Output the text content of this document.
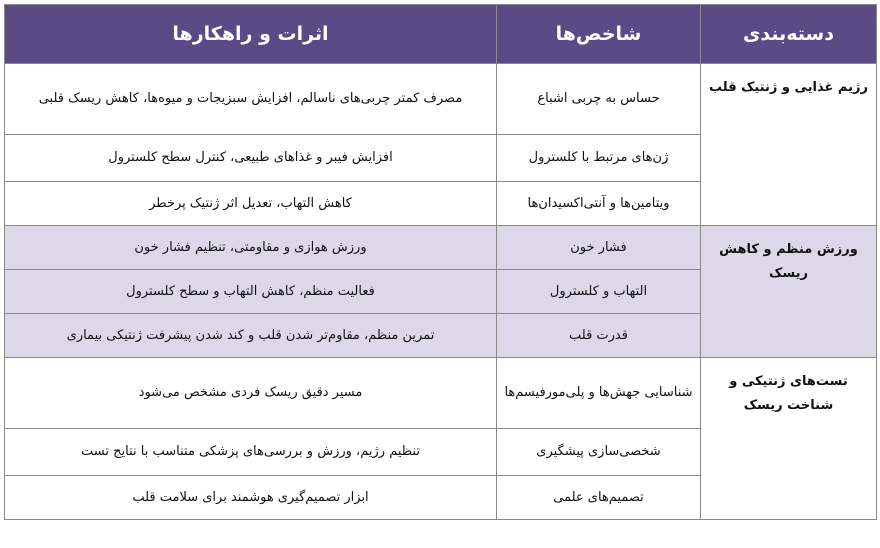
دسته‌بندی	شاخص‌ها	اثرات و راهکارها
رژیم غذایی و ژنتیک قلب	حساس به چربی اشباع	مصرف کمتر چربی‌های ناسالم، افزایش سبزیجات و میوه‌ها، کاهش ریسک قلبی
	ژن‌های مرتبط با کلسترول	افزایش فیبر و غذاهای طبیعی، کنترل سطح کلسترول
	ویتامین‌ها و آنتی‌اکسیدان‌ها	کاهش التهاب، تعدیل اثر ژنتیک پرخطر
ورزش منظم و کاهش ریسک	فشار خون	ورزش هوازی و مقاومتی، تنظیم فشار خون
	التهاب و کلسترول	فعالیت منظم، کاهش التهاب و سطح کلسترول
	قدرت قلب	تمرین منظم، مقاوم‌تر شدن قلب و کند شدن پیشرفت ژنتیکی بیماری
تست‌های ژنتیکی و شناخت ریسک	شناسایی جهش‌ها و پلی‌مورفیسم‌ها	مسیر دقیق ریسک فردی مشخص می‌شود
	شخصی‌سازی پیشگیری	تنظیم رژیم، ورزش و بررسی‌های پزشکی متناسب با نتایج تست
	تصمیم‌های علمی	ابزار تصمیم‌گیری هوشمند برای سلامت قلب
